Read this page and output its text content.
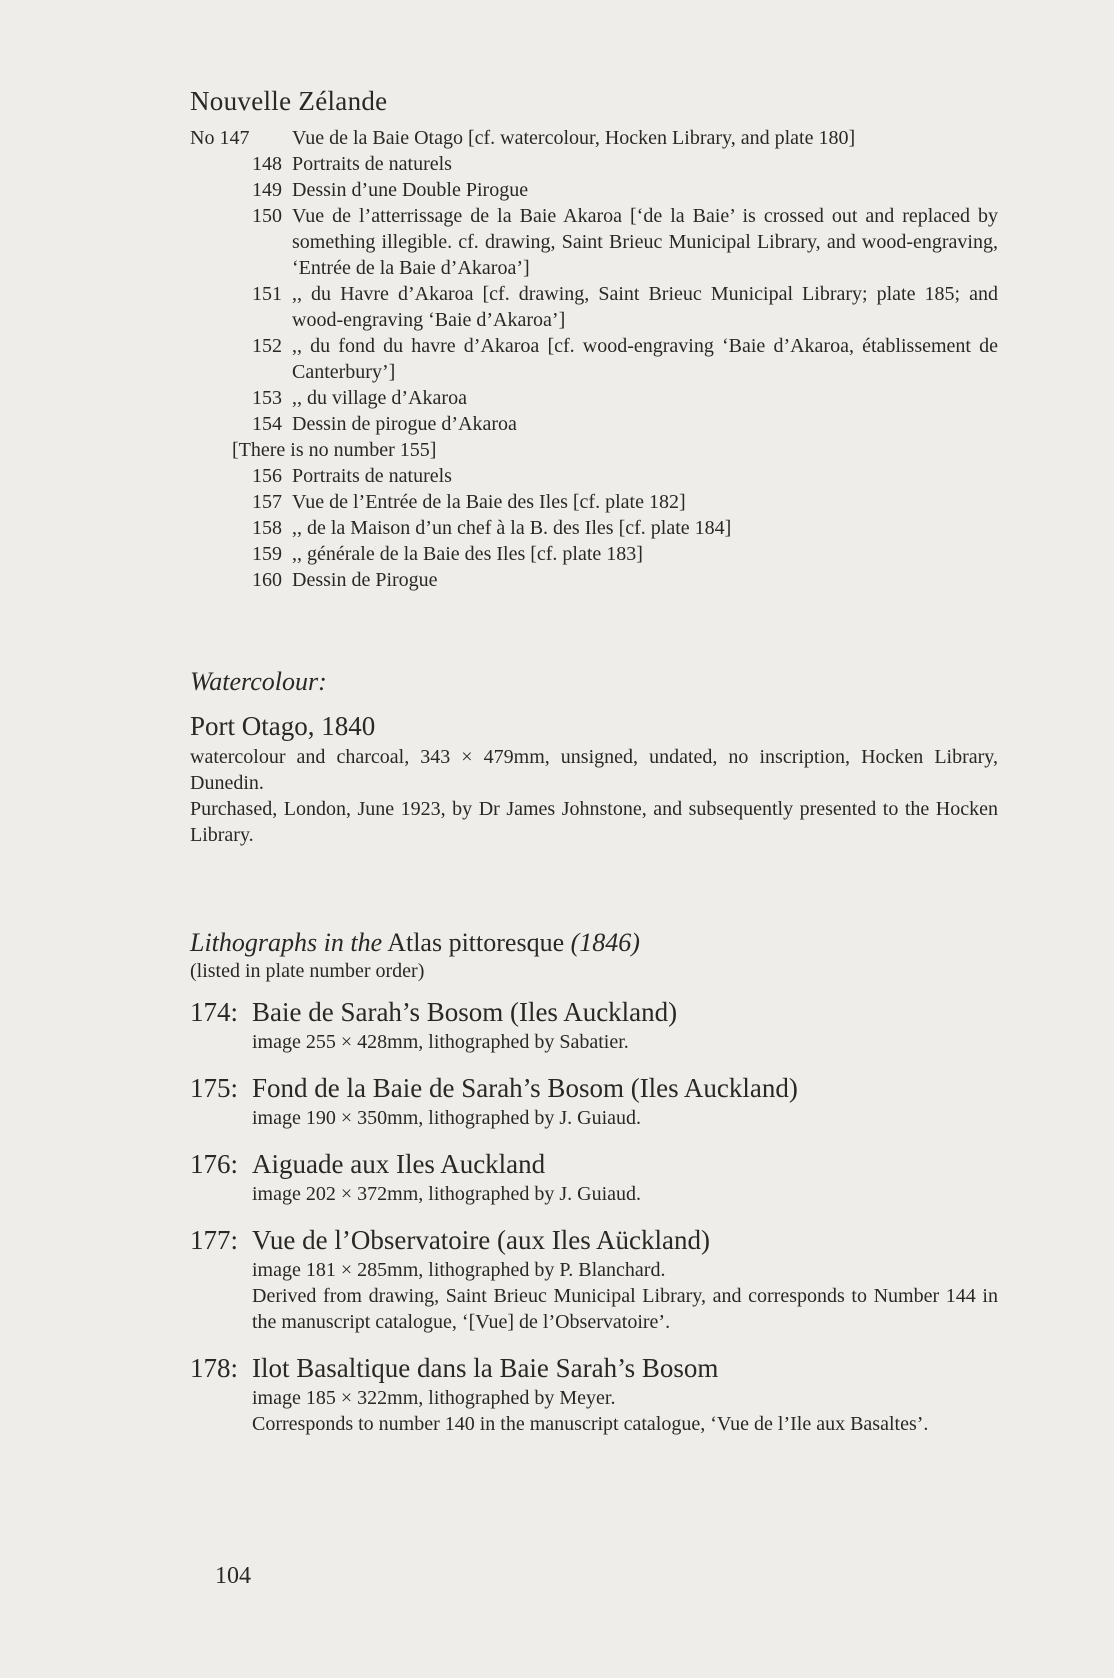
Nouvelle Zélande
No 147	Vue de la Baie Otago [cf. watercolour, Hocken Library, and plate 180]
148 Portraits de naturels
149 Dessin d’une Double Pirogue
150 Vue de l’atterrissage de la Baie Akaroa [‘de la Baie’ is crossed out and replaced by something illegible. cf. drawing, Saint Brieuc Municipal Library, and wood-engraving, ‘Entrée de la Baie d’Akaroa’]
151 ,, du Havre d’Akaroa [cf. drawing, Saint Brieuc Municipal Library; plate 185; and wood-engraving ‘Baie d’Akaroa’]
152 ,, du fond du havre d’Akaroa [cf. wood-engraving ‘Baie d’Akaroa, établissement de Canterbury’]
153 ,, du village d’Akaroa
154 Dessin de pirogue d’Akaroa
[There is no number 155]
156 Portraits de naturels
157 Vue de l’Entrée de la Baie des Iles [cf. plate 182]
158 ,, de la Maison d’un chef à la B. des Iles [cf. plate 184]
159 ,, générale de la Baie des Iles [cf. plate 183]
160 Dessin de Pirogue
Watercolour:
Port Otago, 1840
watercolour and charcoal, 343 × 479mm, unsigned, undated, no inscription, Hocken Library, Dunedin.
Purchased, London, June 1923, by Dr James Johnstone, and subsequently presented to the Hocken Library.
Lithographs in the Atlas pittoresque (1846)
(listed in plate number order)
174: Baie de Sarah’s Bosom (Iles Auckland)
image 255 × 428mm, lithographed by Sabatier.
175: Fond de la Baie de Sarah’s Bosom (Iles Auckland)
image 190 × 350mm, lithographed by J. Guiaud.
176: Aiguade aux Iles Auckland
image 202 × 372mm, lithographed by J. Guiaud.
177: Vue de l’Observatoire (aux Iles Aückland)
image 181 × 285mm, lithographed by P. Blanchard.
Derived from drawing, Saint Brieuc Municipal Library, and corresponds to Number 144 in the manuscript catalogue, ‘[Vue] de l’Observatoire’.
178: Ilot Basaltique dans la Baie Sarah’s Bosom
image 185 × 322mm, lithographed by Meyer.
Corresponds to number 140 in the manuscript catalogue, ‘Vue de l’Ile aux Basaltes’.
104
